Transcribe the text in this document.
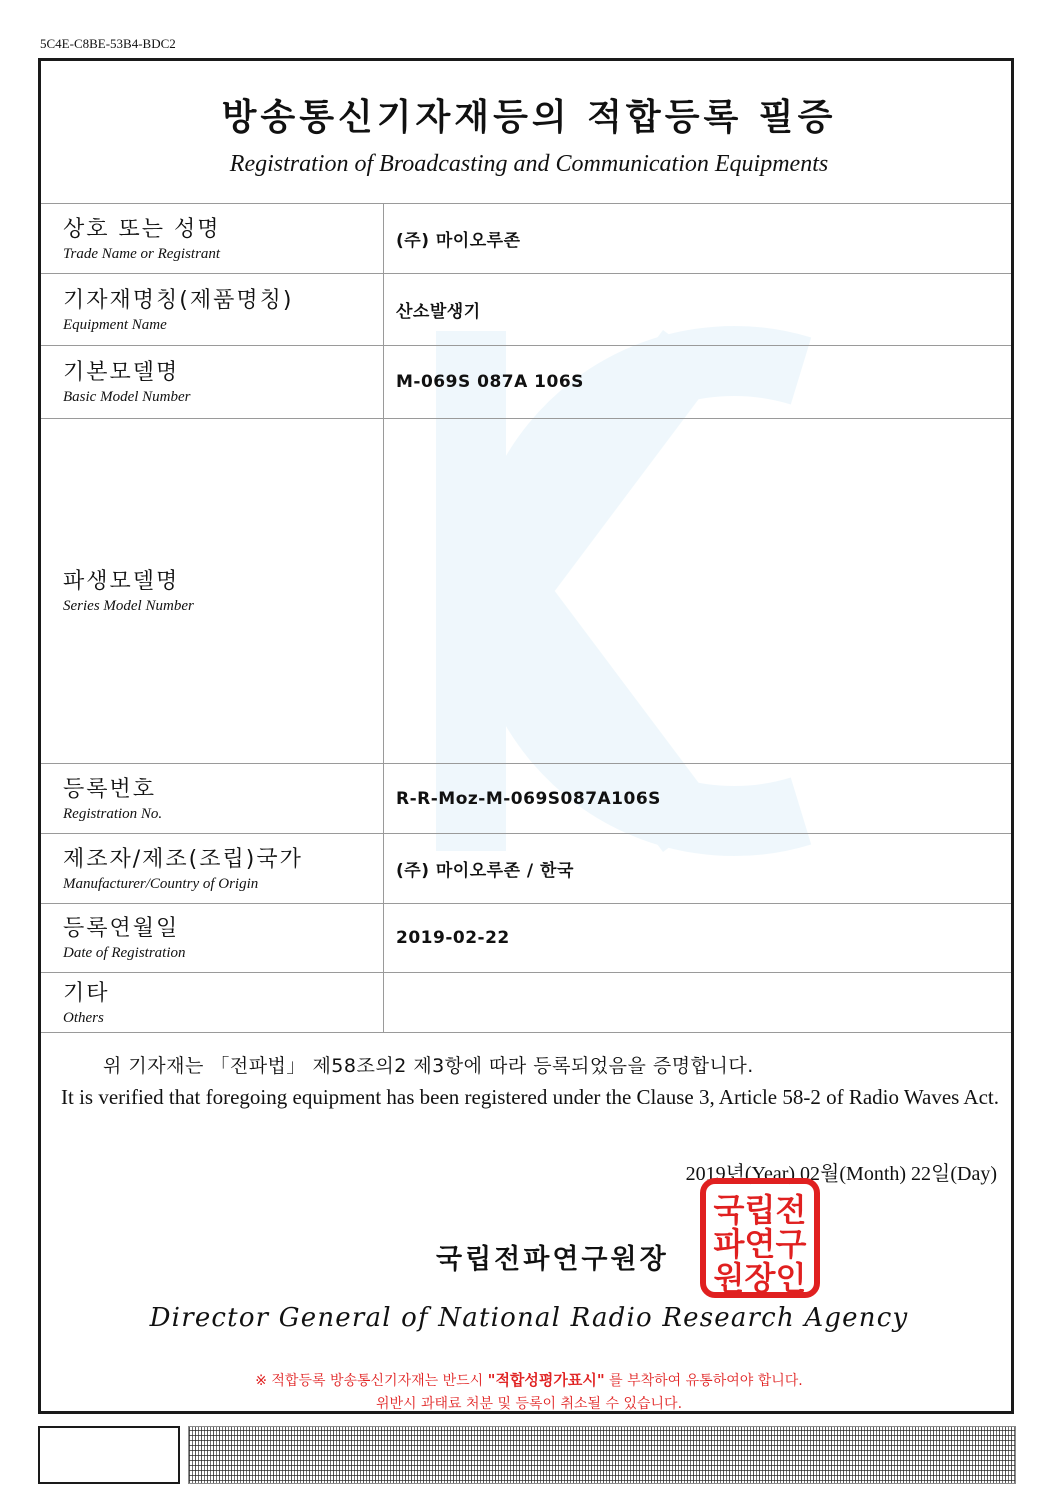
5C4E-C8BE-53B4-BDC2
방송통신기자재등의 적합등록 필증
Registration of Broadcasting and Communication Equipments
상호 또는 성명
Trade Name or Registrant	(주) 마이오루존

기자재명칭(제품명칭)
Equipment Name	산소발생기

기본모델명
Basic Model Number	M-069S 087A 106S

파생모델명
Series Model Number	

등록번호
Registration No.	R-R-Moz-M-069S087A106S

제조자/제조(조립)국가
Manufacturer/Country of Origin	(주) 마이오루존 / 한국

등록연월일
Date of Registration	2019-02-22

기타
Others	

위 기자재는 「전파법」 제58조의2 제3항에 따라 등록되었음을 증명합니다.
It is verified that foregoing equipment has been registered under the Clause 3, Article 58-2 of Radio Waves Act.
2019년(Year) 02월(Month) 22일(Day)
국립전파연구원장
국 립 전
파 연 구
원 장 인
Director General of National Radio Research Agency
※ 적합등록 방송통신기자재는 반드시 "적합성평가표시" 를 부착하여 유통하여야 합니다.
위반시 과태료 처분 및 등록이 취소될 수 있습니다.
